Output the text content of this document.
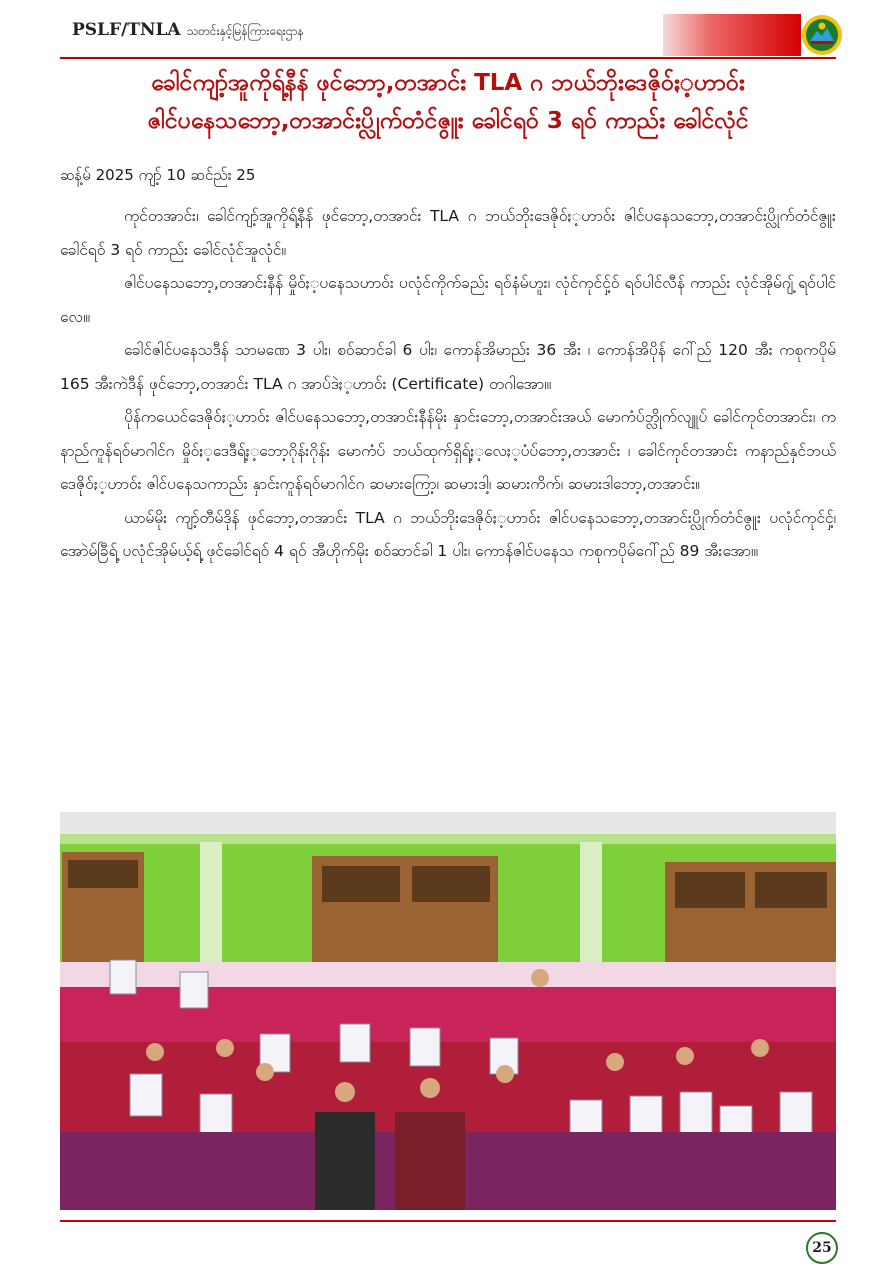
PSLF/TNLA သတင်းနှင့်မြန်ကြားရေးဌာန
ခေါင်ကျာ့်အူကိုရ့်နီန် ဖုင်ဘော့,တအာင်း TLA ဂ ဘယ်ဘိုးဒေဇိုဝ်ႏ့ဟာဝ်း
ဇါင်ပနေသဘော့,တအာင်းပ္လိုက်တံင်ဇွူး ခေါင်ရဝ် 3 ရဝ် ကာည်း ခေါင်လုံင်
ဆန့်မ် 2025 ကျာ့် 10 ဆင်ည်း 25

ကုင်တအာင်း၊ ခေါင်ကျာ့်အူကိုရ့်နီန် ဖုင်ဘော့,တအာင်း TLA ဂ ဘယ်ဘိုးဒေဇိုဝ်ႏ့ဟာဝ်း ဇါင်ပနေသဘော့,တအာင်းပ္လိုက်တံင်ဇွူး ခေါင်ရဝ် 3 ရဝ် ကာည်း ခေါင်လုံင်အူလုံင်။

ဇါင်ပနေသဘော့,တအာင်းနီန် မှိုဝ်ႏ့ပနေသဟာဝ်း ပလုံင်ကိုက်ခည်း ရဝ်နံမ်ဟူး၊ လုံင်ကုင်ငှ့်ဝ် ရဝ်ပါင်လီန် ကာည်း လုံင်အိုမ်ဂျ့် ရဝ်ပါင်လေ၊။

ခေါင်ဇါင်ပနေသဒီန် သာမဏေ 3 ပါး၊ စဝ်ဆာင်ခါ 6 ပါး၊ ကောန်အိမာည်း 36 အီး ၊ ကောန်အိပိုန် ဂေါ်ည် 120 အီး ကစုကပိုမ် 165 အီးကဲဒီန် ဖုင်ဘော့,တအာင်း TLA ဂ အာပ်ဒဲႏ့ဟာဝ်း (Certificate) တဂါအော၊။

ပိုန်ကယေင်ဒေဇိုဝ်ႏ့ဟာဝ်း ဇါင်ပနေသဘော့,တအာင်းနီန်မိုး နှာင်းဘော့,တအာင်းအယ် မောကံပ်ဘ္လိုက်လျူပ် ခေါင်ကုင်တအာင်း၊ ကနာည်ကူန်ရဝ်မာဂါင်ဂ မှိုဝ်ႏ့ဒေဒီရ့်ႏ့ဘော့ဂိုန်းဂိုန်း မောကံပ် ဘယ်ထုက်ရှိရ့်ႏ့လေႏ့ပံပ်ဘော့,တအာင်း ၊ ခေါင်ကုင်တအာင်း ကနာည်နှင်ဘယ်ဒေဇိုဝ်ႏ့ဟာဝ်း ဇါင်ပနေသကာည်း နှာင်းကူန်ရဝ်မာဂါင်ဂ ဆမားကြော့၊ ဆမားဒါ့၊ ဆမားကိက်၊ ဆမားဒါဘော့,တအာင်း။

ယာမ်မိုး ကျာ့်တီမ်ဒိုန် ဖုင်ဘော့,တအာင်း TLA ဂ ဘယ်ဘိုးဒေဇိုဝ်ႏ့ဟာဝ်း ဇါင်ပနေသဘော့,တအာင်းပ္လိုက်တံင်ဇွူး ပလုံင်ကုင်ငှ့်၊ အောဲမ်ခြီရ့် ပလုံင်အိုမ်ယ့်ရ့် ဖုင်ခေါင်ရဝ် 4 ရဝ် အီဟိုက်မိုး စဝ်ဆာင်ခါ 1 ပါး၊ ကောန်ဇါင်ပနေသ ကစုကပိုမ်ဂေါ်ည် 89 အီးအော၊။

25
